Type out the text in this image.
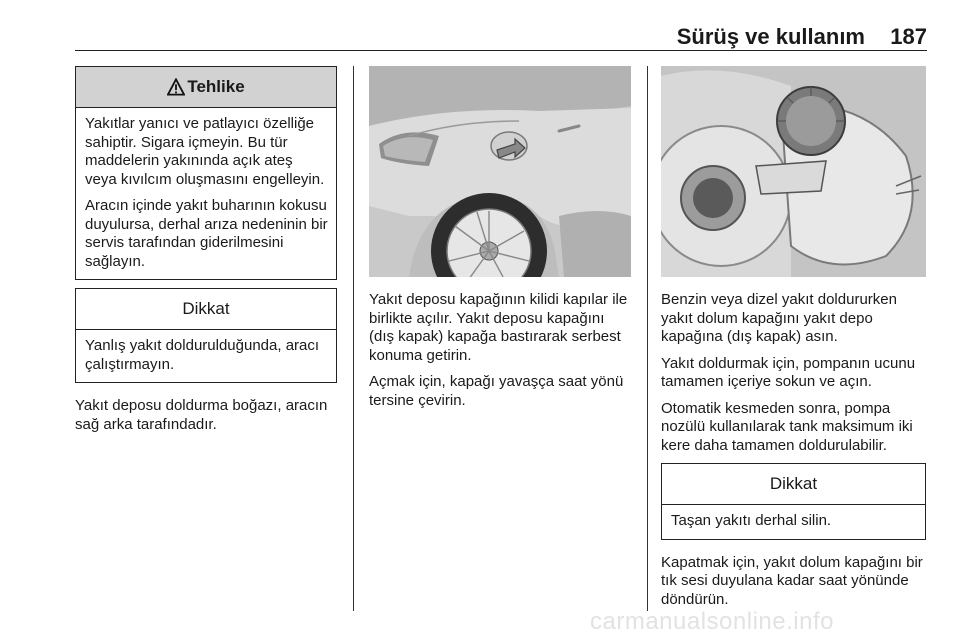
Sürüş ve kullanım 187
Tehlike

Yakıtlar yanıcı ve patlayıcı özelliğe sahiptir. Sigara içmeyin. Bu tür maddelerin yakınında açık ateş veya kıvılcım oluşmasını engelleyin.

Aracın içinde yakıt buharının kokusu duyulursa, derhal arıza nedeninin bir servis tarafından giderilmesini sağlayın.

Dikkat

Yanlış yakıt doldurulduğunda, aracı çalıştırmayın.

Yakıt deposu doldurma boğazı, aracın sağ arka tarafındadır.

Yakıt deposu kapağının kilidi kapılar ile birlikte açılır. Yakıt deposu kapağını (dış kapak) kapağa bastırarak serbest konuma getirin.

Açmak için, kapağı yavaşça saat yönü tersine çevirin.

Benzin veya dizel yakıt doldururken yakıt dolum kapağını yakıt depo kapağına (dış kapak) asın.

Yakıt doldurmak için, pompanın ucunu tamamen içeriye sokun ve açın.

Otomatik kesmeden sonra, pompa nozülü kullanılarak tank maksimum iki kere daha tamamen doldurulabilir.

Dikkat

Taşan yakıtı derhal silin.

Kapatmak için, yakıt dolum kapağını bir tık sesi duyulana kadar saat yönünde döndürün.

carmanualsonline.info
